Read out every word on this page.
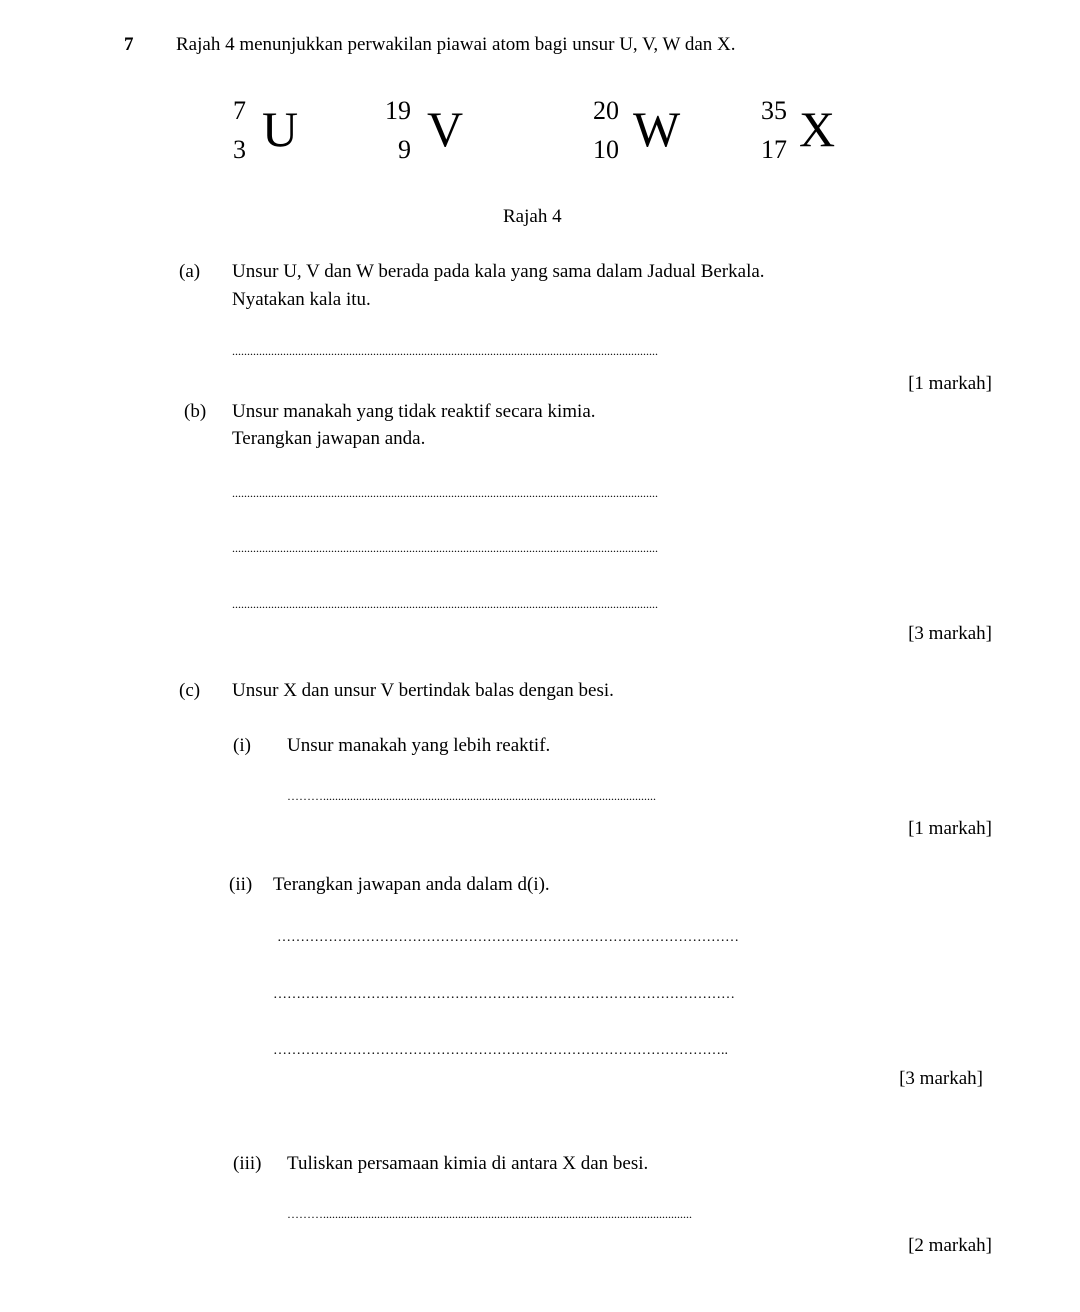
7 Rajah 4 menunjukkan perwakilan piawai atom bagi unsur U, V, W dan X.
7
3 U	19
9 V	20
10 W	35
17 X
Rajah 4
(a) Unsur U, V dan W berada pada kala yang sama dalam Jadual Berkala.
Nyatakan kala itu.
..............................................................................................................................................
[1 markah]
(b) Unsur manakah yang tidak reaktif secara kimia.
Terangkan jawapan anda.
..............................................................................................................................................
..............................................................................................................................................
..............................................................................................................................................
[3 markah]
(c) Unsur X dan unsur V bertindak balas dengan besi.
(i) Unsur manakah yang lebih reaktif.
………...............................................................................................................
[1 markah]
(ii) Terangkan jawapan anda dalam d(i).
………………………………………………………………………………………
………………………………………………………………………………………
……………………………………………………………………………………..
[3 markah]
(iii) Tuliskan persamaan kimia di antara X dan besi.
………...........................................................................................................................
[2 markah]
